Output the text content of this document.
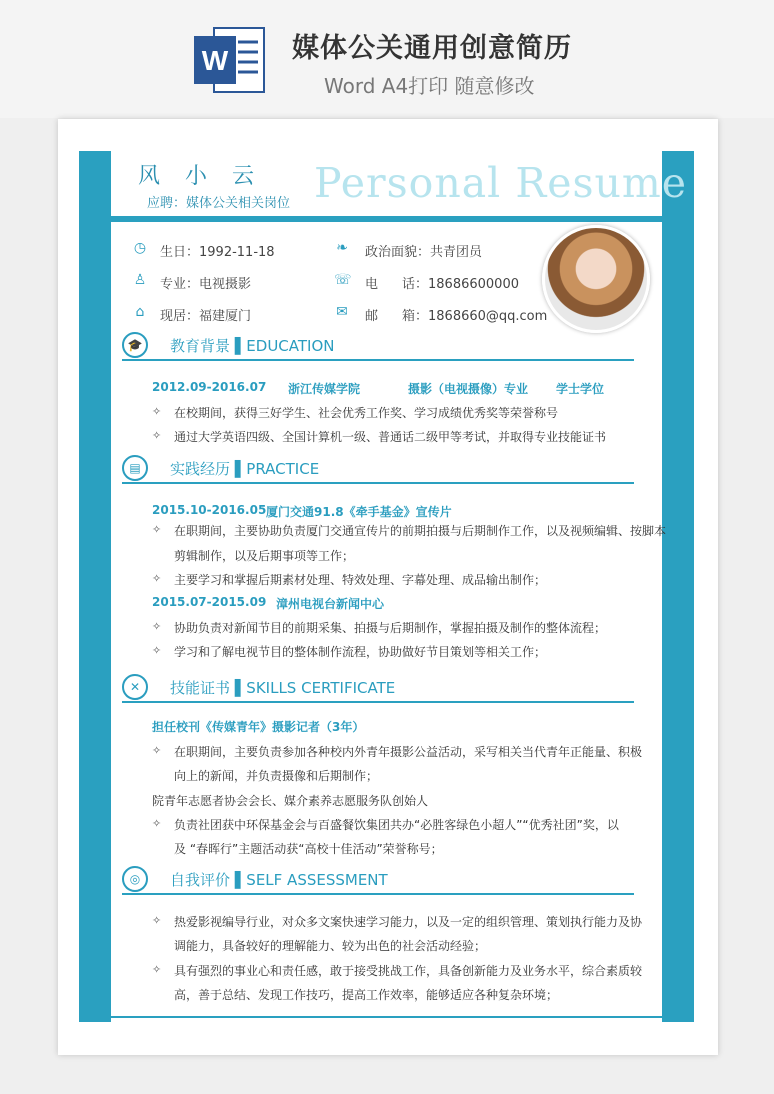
W 媒体公关通用创意简历
Word A4打印 随意修改
风 小 云
应聘：媒体公关相关岗位 Personal Resume
◷ 生日：1992-11-18	❧ 政治面貌：共青团员
♙ 专业：电视摄影	☏ 电 话：18686600000
⌂ 现居：福建厦门	✉ 邮 箱：1868660@qq.com
🎓	教育背景 ▌EDUCATION
2012.09-2016.07 浙江传媒学院	摄影（电视摄像）专业 学士学位
✧ 在校期间，获得三好学生、社会优秀工作奖、学习成绩优秀奖等荣誉称号
✧ 通过大学英语四级、全国计算机一级、普通话二级甲等考试，并取得专业技能证书
▤	实践经历 ▌PRACTICE
2015.10-2016.05 厦门交通91.8《牵手基金》宣传片
✧ 在职期间，主要协助负责厦门交通宣传片的前期拍摄与后期制作工作，以及视频编辑、按脚本
剪辑制作，以及后期事项等工作；
✧ 主要学习和掌握后期素材处理、特效处理、字幕处理、成品输出制作；
2015.07-2015.09 漳州电视台新闻中心
✧ 协助负责对新闻节目的前期采集、拍摄与后期制作，掌握拍摄及制作的整体流程；
✧ 学习和了解电视节目的整体制作流程，协助做好节目策划等相关工作；
✕	技能证书 ▌SKILLS CERTIFICATE
担任校刊《传媒青年》摄影记者（3年）
✧ 在职期间，主要负责参加各种校内外青年摄影公益活动，采写相关当代青年正能量、积极
向上的新闻，并负责摄像和后期制作；
院青年志愿者协会会长、媒介素养志愿服务队创始人
✧ 负责社团获中环保基金会与百盛餐饮集团共办“必胜客绿色小超人”“优秀社团”奖，以
及 “春晖行”主题活动获“高校十佳活动”荣誉称号；
◎	自我评价 ▌SELF ASSESSMENT
✧ 热爱影视编导行业，对众多文案快速学习能力，以及一定的组织管理、策划执行能力及协
调能力，具备较好的理解能力、较为出色的社会活动经验；
✧ 具有强烈的事业心和责任感，敢于接受挑战工作，具备创新能力及业务水平，综合素质较
高，善于总结、发现工作技巧，提高工作效率，能够适应各种复杂环境；
